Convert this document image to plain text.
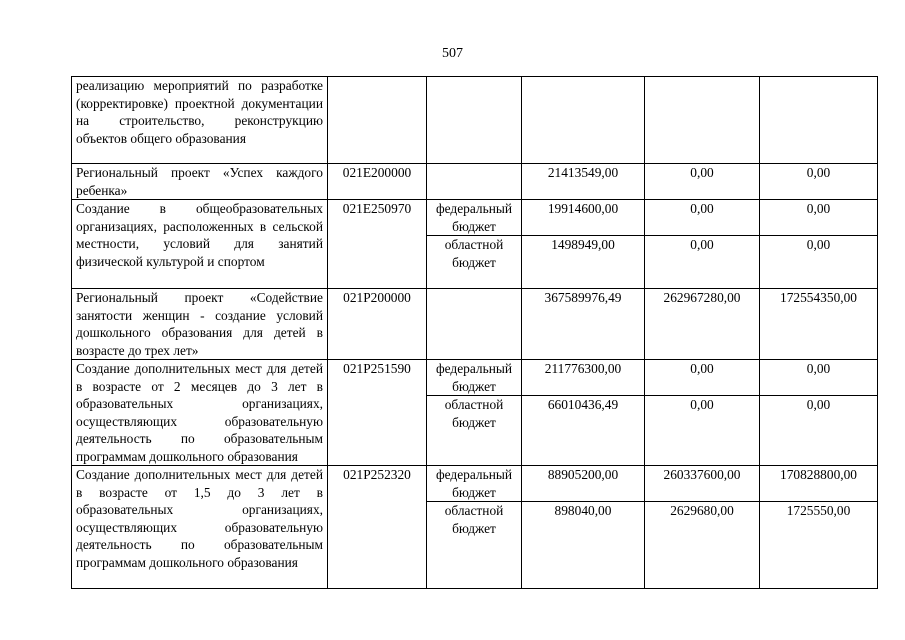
507
реализацию мероприятий по разработке (корректировке) проектной документации на строительство, реконструкцию объектов общего образования					
Региональный проект «Успех каждого ребенка»	021E200000		21413549,00	0,00	0,00
Создание в общеобразовательных организациях, расположенных в сельской местности, условий для занятий физической культурой и спортом	021E250970	федеральный бюджет	19914600,00	0,00	0,00
		областной бюджет	1498949,00	0,00	0,00
Региональный проект «Содействие занятости женщин - создание условий дошкольного образования для детей в возрасте до трех лет»	021P200000		367589976,49	262967280,00	172554350,00
Создание дополнительных мест для детей в возрасте от 2 месяцев до 3 лет в образовательных организациях, осуществляющих образовательную деятельность по образовательным программам дошкольного образования	021P251590	федеральный бюджет	211776300,00	0,00	0,00
		областной бюджет	66010436,49	0,00	0,00
Создание дополнительных мест для детей в возрасте от 1,5 до 3 лет в образовательных организациях, осуществляющих образовательную деятельность по образовательным программам дошкольного образования	021P252320	федеральный бюджет	88905200,00	260337600,00	170828800,00
		областной бюджет	898040,00	2629680,00	1725550,00
